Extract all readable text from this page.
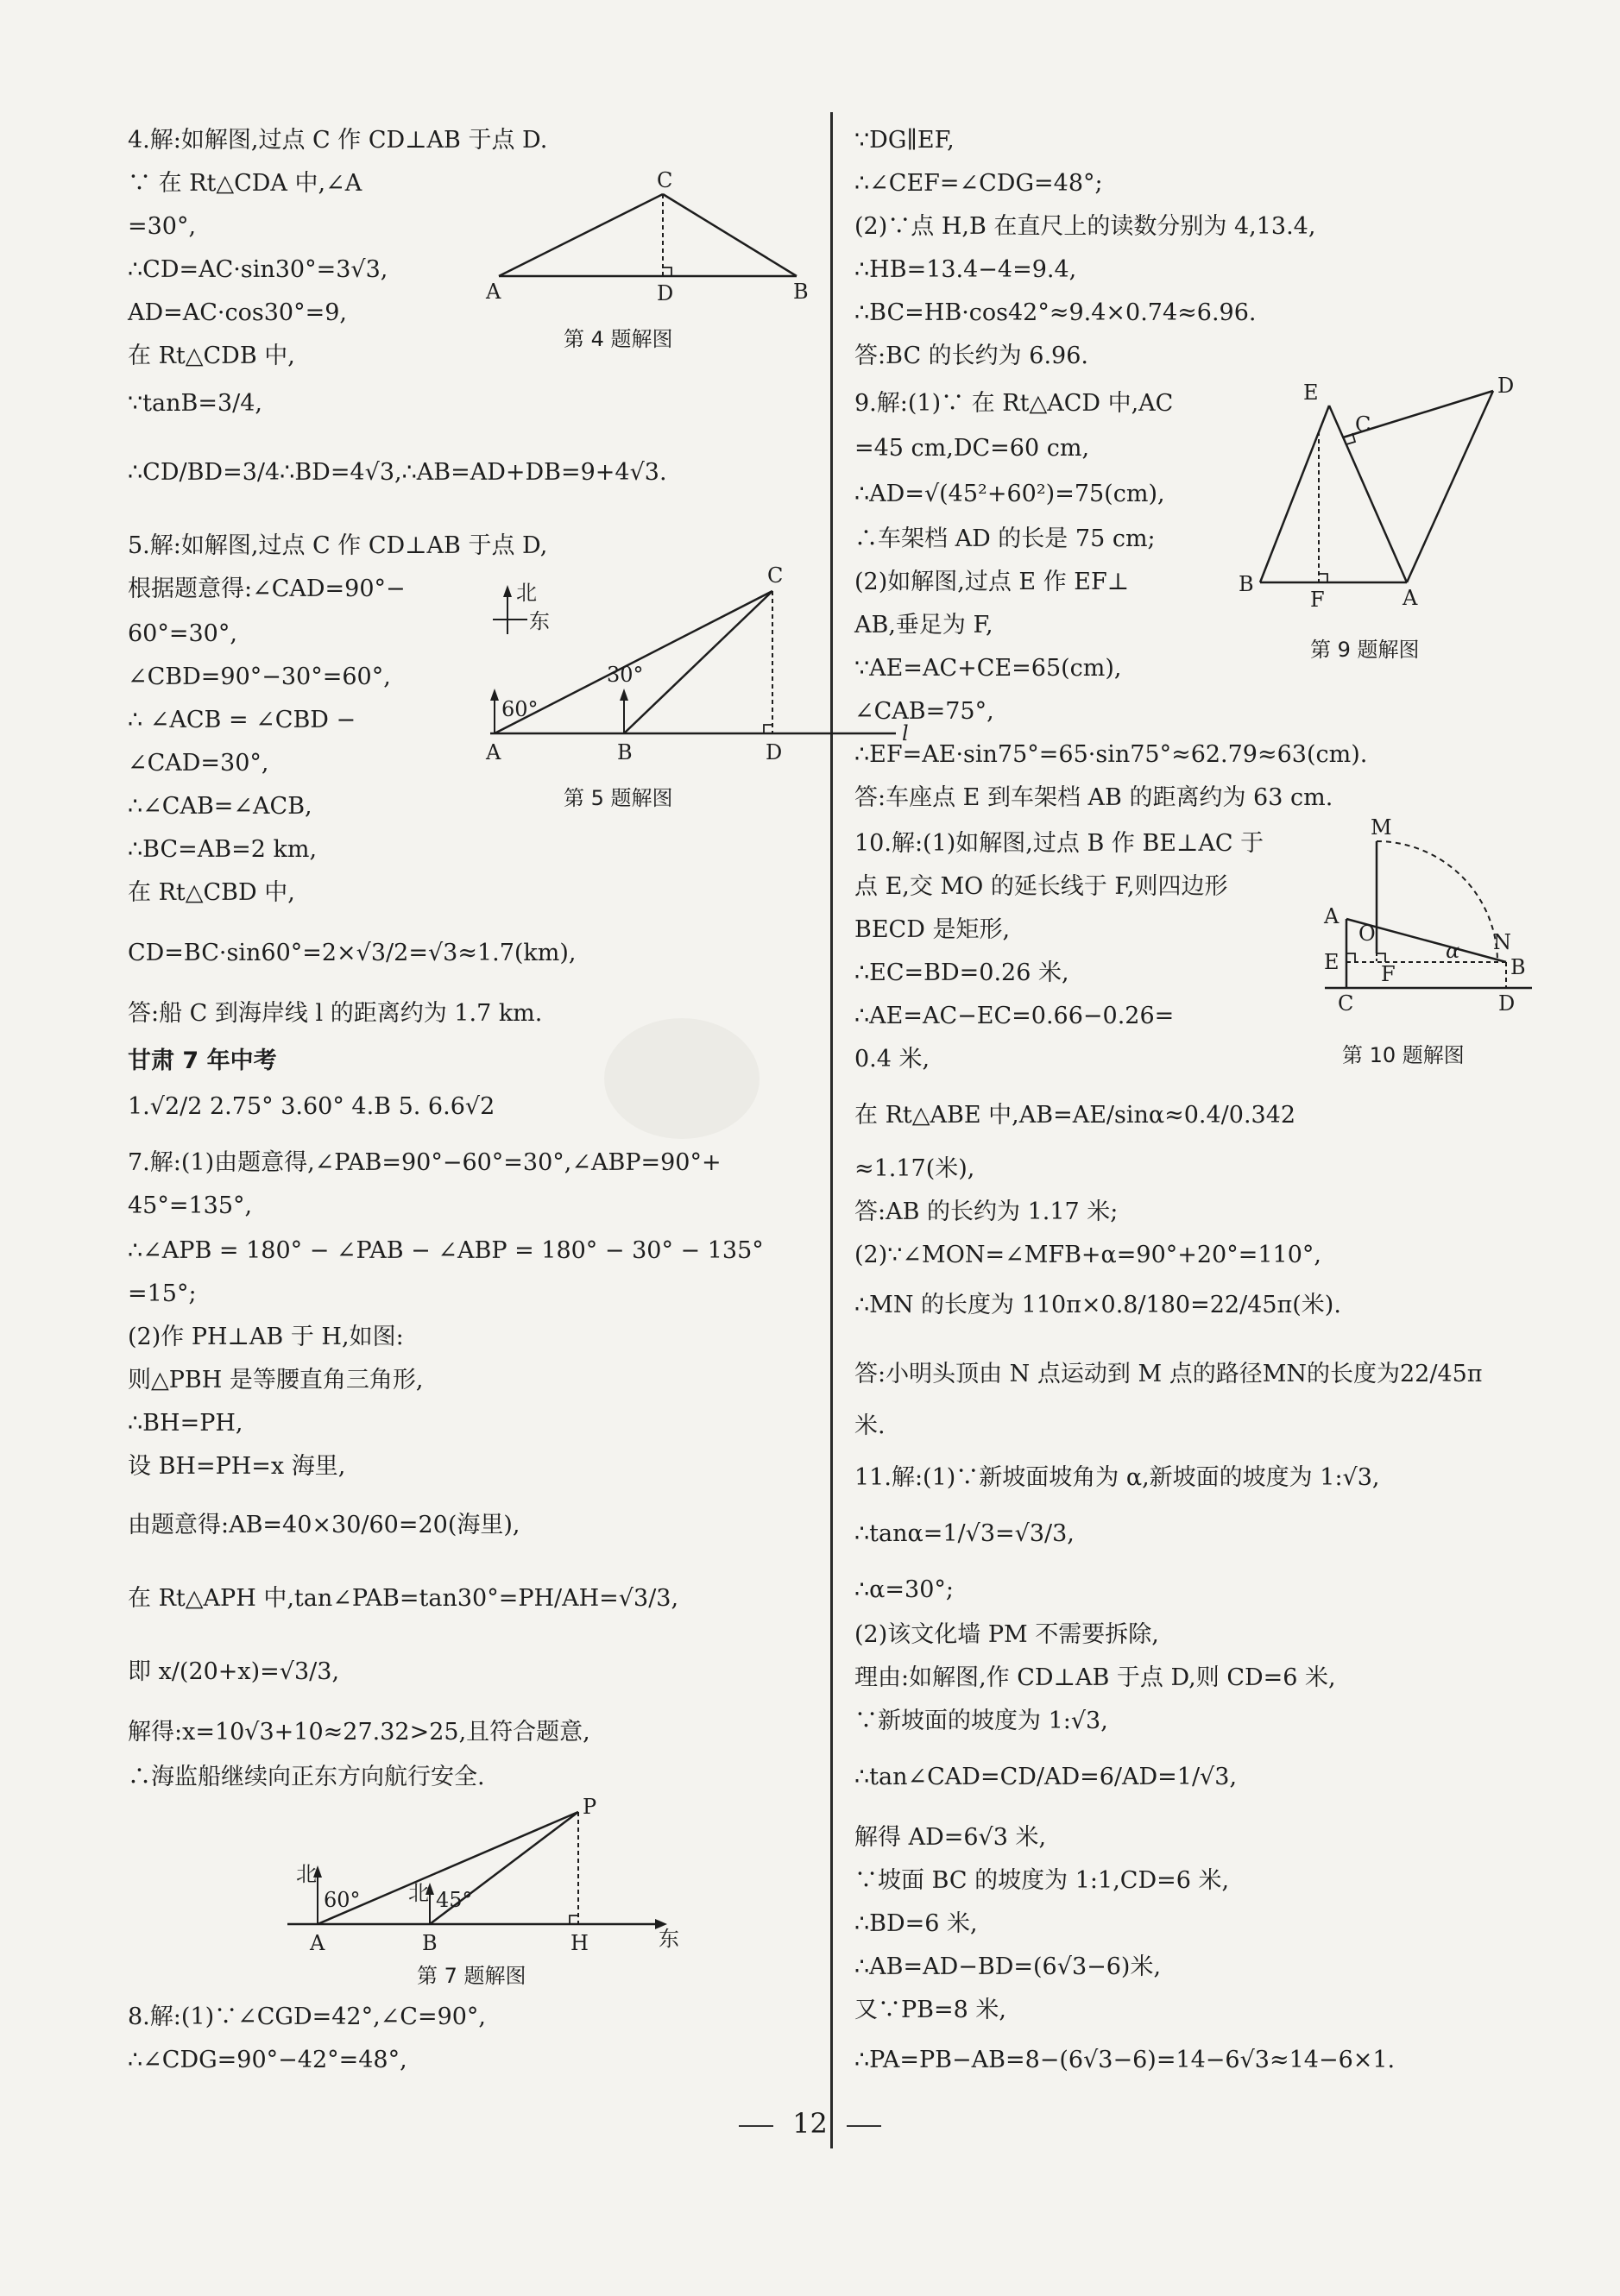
4.解:如解图,过点 C 作 CD⊥AB 于点 D.
∵ 在 Rt△CDA 中,∠A
=30°,
∴CD=AC·sin30°=3√3,
AD=AC·cos30°=9,
在 Rt△CDB 中,
∵tanB=3/4,
∴CD/BD=3/4∴BD=4√3,∴AB=AD+DB=9+4√3.
C
A	D	B
第 4 题解图
5.解:如解图,过点 C 作 CD⊥AB 于点 D,
根据题意得:∠CAD=90°−
60°=30°,
∠CBD=90°−30°=60°,
∴ ∠ACB = ∠CBD −
∠CAD=30°,
∴∠CAB=∠ACB,
∴BC=AB=2 km,
在 Rt△CBD 中,
CD=BC·sin60°=2×√3/2=√3≈1.7(km),
答:船 C 到海岸线 l 的距离约为 1.7 km.
北
东
60°
30°
C
A	B	D
l
第 5 题解图
甘肃 7 年中考
1.√2/2 2.75° 3.60° 4.B 5. 6.6√2
7.解:(1)由题意得,∠PAB=90°−60°=30°,∠ABP=90°+
45°=135°,
∴∠APB = 180° − ∠PAB − ∠ABP = 180° − 30° − 135°
=15°;
(2)作 PH⊥AB 于 H,如图:
则△PBH 是等腰直角三角形,
∴BH=PH,
设 BH=PH=x 海里,
由题意得:AB=40×30/60=20(海里),
在 Rt△APH 中,tan∠PAB=tan30°=PH/AH=√3/3,
即 x/(20+x)=√3/3,
解得:x=10√3+10≈27.32>25,且符合题意,
∴海监船继续向正东方向航行安全.
北
北
60°	45°
P
A	B	H	东
第 7 题解图
8.解:(1)∵∠CGD=42°,∠C=90°,
∴∠CDG=90°−42°=48°,
∵DG∥EF,
∴∠CEF=∠CDG=48°;
(2)∵点 H,B 在直尺上的读数分别为 4,13.4,
∴HB=13.4−4=9.4,
∴BC=HB·cos42°≈9.4×0.74≈6.96.
答:BC 的长约为 6.96.
9.解:(1)∵ 在 Rt△ACD 中,AC
=45 cm,DC=60 cm,
∴AD=√(45²+60²)=75(cm),
∴车架档 AD 的长是 75 cm;
(2)如解图,过点 E 作 EF⊥
AB,垂足为 F,
∵AE=AC+CE=65(cm),
∠CAB=75°,
∴EF=AE·sin75°=65·sin75°≈62.79≈63(cm).
答:车座点 E 到车架档 AB 的距离约为 63 cm.
E	D
C
B
F	A
第 9 题解图
10.解:(1)如解图,过点 B 作 BE⊥AC 于
点 E,交 MO 的延长线于 F,则四边形
BECD 是矩形,
∴EC=BD=0.26 米,
∴AE=AC−EC=0.66−0.26=
0.4 米,
在 Rt△ABE 中,AB=AE/sinα≈0.4/0.342
≈1.17(米),
答:AB 的长约为 1.17 米;
(2)∵∠MON=∠MFB+α=90°+20°=110°,
∴MN 的长度为 110π×0.8/180=22/45π(米).
答:小明头顶由 N 点运动到 M 点的路径MN的长度为22/45π
米.
M
A
O	N
α
E F	B
C	D
第 10 题解图
11.解:(1)∵新坡面坡角为 α,新坡面的坡度为 1:√3,
∴tanα=1/√3=√3/3,
∴α=30°;
(2)该文化墙 PM 不需要拆除,
理由:如解图,作 CD⊥AB 于点 D,则 CD=6 米,
∵新坡面的坡度为 1:√3,
∴tan∠CAD=CD/AD=6/AD=1/√3,
解得 AD=6√3 米,
∵坡面 BC 的坡度为 1:1,CD=6 米,
∴BD=6 米,
∴AB=AD−BD=(6√3−6)米,
又∵PB=8 米,
∴PA=PB−AB=8−(6√3−6)=14−6√3≈14−6×1.
12
